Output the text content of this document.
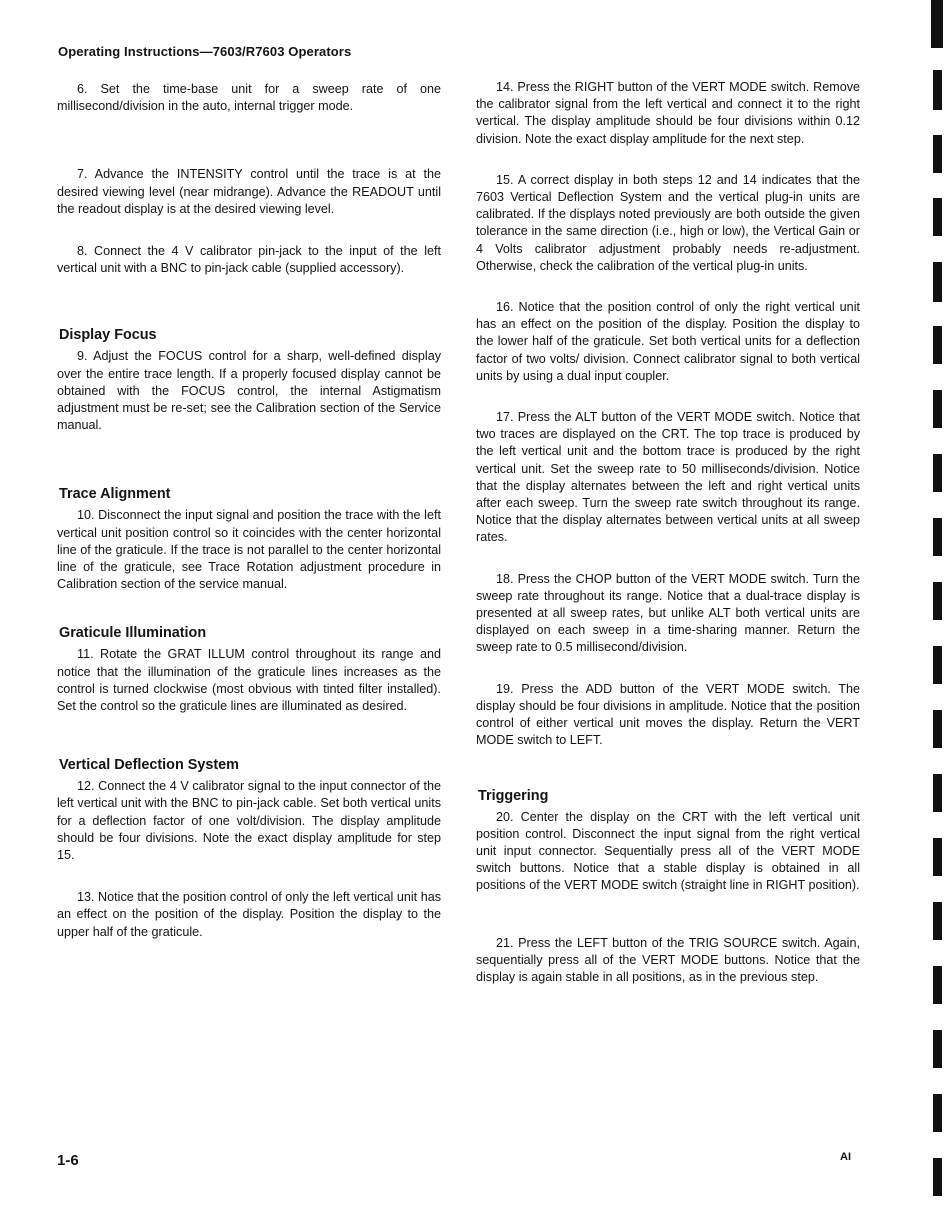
Operating Instructions—7603/R7603 Operators

6. Set the time-base unit for a sweep rate of one millisecond/division in the auto, internal trigger mode.

7. Advance the INTENSITY control until the trace is at the desired viewing level (near midrange). Advance the READOUT until the readout display is at the desired viewing level.

8. Connect the 4 V calibrator pin-jack to the input of the left vertical unit with a BNC to pin-jack cable (supplied accessory).

Display Focus

9. Adjust the FOCUS control for a sharp, well-defined display over the entire trace length. If a properly focused display cannot be obtained with the FOCUS control, the internal Astigmatism adjustment must be re-set; see the Calibration section of the Service manual.

Trace Alignment

10. Disconnect the input signal and position the trace with the left vertical unit position control so it coincides with the center horizontal line of the graticule. If the trace is not parallel to the center horizontal line of the graticule, see Trace Rotation adjustment procedure in Calibration section of the service manual.

Graticule Illumination

11. Rotate the GRAT ILLUM control throughout its range and notice that the illumination of the graticule lines increases as the control is turned clockwise (most obvious with tinted filter installed). Set the control so the graticule lines are illuminated as desired.

Vertical Deflection System

12. Connect the 4 V calibrator signal to the input connector of the left vertical unit with the BNC to pin-jack cable. Set both vertical units for a deflection factor of one volt/division. The display amplitude should be four divisions. Note the exact display amplitude for step 15.

13. Notice that the position control of only the left vertical unit has an effect on the position of the display. Position the display to the upper half of the graticule.

14. Press the RIGHT button of the VERT MODE switch. Remove the calibrator signal from the left vertical and connect it to the right vertical. The display amplitude should be four divisions within 0.12 division. Note the exact display amplitude for the next step.

15. A correct display in both steps 12 and 14 indicates that the 7603 Vertical Deflection System and the vertical plug-in units are calibrated. If the displays noted previously are both outside the given tolerance in the same direction (i.e., high or low), the Vertical Gain or 4 Volts calibrator adjustment probably needs re-adjustment. Otherwise, check the calibration of the vertical plug-in units.

16. Notice that the position control of only the right vertical unit has an effect on the position of the display. Position the display to the lower half of the graticule. Set both vertical units for a deflection factor of two volts/ division. Connect calibrator signal to both vertical units by using a dual input coupler.

17. Press the ALT button of the VERT MODE switch. Notice that two traces are displayed on the CRT. The top trace is produced by the left vertical unit and the bottom trace is produced by the right vertical unit. Set the sweep rate to 50 milliseconds/division. Notice that the display alternates between the left and right vertical units after each sweep. Turn the sweep rate switch throughout its range. Notice that the display alternates between vertical units at all sweep rates.

18. Press the CHOP button of the VERT MODE switch. Turn the sweep rate throughout its range. Notice that a dual-trace display is presented at all sweep rates, but unlike ALT both vertical units are displayed on each sweep in a time-sharing manner. Return the sweep rate to 0.5 millisecond/division.

19. Press the ADD button of the VERT MODE switch. The display should be four divisions in amplitude. Notice that the position control of either vertical unit moves the display. Return the VERT MODE switch to LEFT.

Triggering

20. Center the display on the CRT with the left vertical unit position control. Disconnect the input signal from the right vertical unit input connector. Sequentially press all of the VERT MODE switch buttons. Notice that a stable display is obtained in all positions of the VERT MODE switch (straight line in RIGHT position).

21. Press the LEFT button of the TRIG SOURCE switch. Again, sequentially press all of the VERT MODE buttons. Notice that the display is again stable in all positions, as in the previous step.

1-6	AI
